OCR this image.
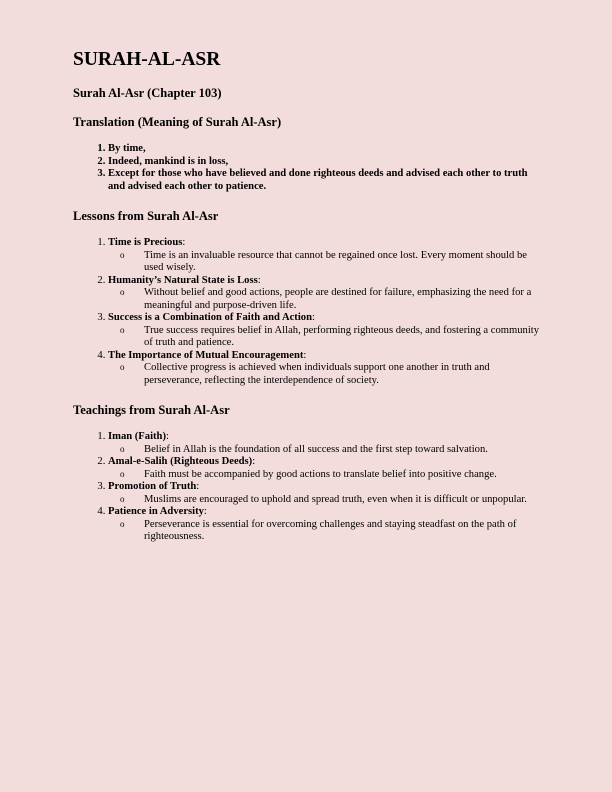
SURAH-AL-ASR
Surah Al-Asr (Chapter 103)
Translation (Meaning of Surah Al-Asr)
1. By time,
2. Indeed, mankind is in loss,
3. Except for those who have believed and done righteous deeds and advised each other to truth and advised each other to patience.
Lessons from Surah Al-Asr
1. Time is Precious:
o Time is an invaluable resource that cannot be regained once lost. Every moment should be used wisely.
2. Humanity’s Natural State is Loss:
o Without belief and good actions, people are destined for failure, emphasizing the need for a meaningful and purpose-driven life.
3. Success is a Combination of Faith and Action:
o True success requires belief in Allah, performing righteous deeds, and fostering a community of truth and patience.
4. The Importance of Mutual Encouragement:
o Collective progress is achieved when individuals support one another in truth and perseverance, reflecting the interdependence of society.
Teachings from Surah Al-Asr
1. Iman (Faith):
o Belief in Allah is the foundation of all success and the first step toward salvation.
2. Amal-e-Salih (Righteous Deeds):
o Faith must be accompanied by good actions to translate belief into positive change.
3. Promotion of Truth:
o Muslims are encouraged to uphold and spread truth, even when it is difficult or unpopular.
4. Patience in Adversity:
o Perseverance is essential for overcoming challenges and staying steadfast on the path of righteousness.
